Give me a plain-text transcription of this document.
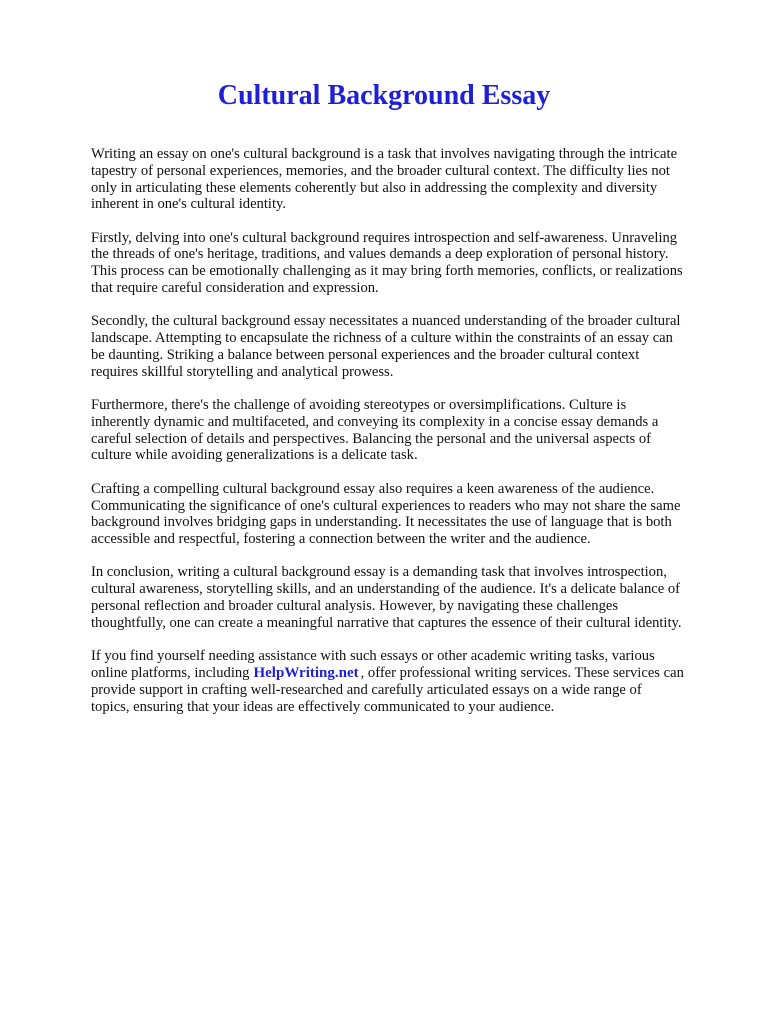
Cultural Background Essay

Writing an essay on one's cultural background is a task that involves navigating through the intricate
tapestry of personal experiences, memories, and the broader cultural context. The difficulty lies not
only in articulating these elements coherently but also in addressing the complexity and diversity
inherent in one's cultural identity.

Firstly, delving into one's cultural background requires introspection and self-awareness. Unraveling
the threads of one's heritage, traditions, and values demands a deep exploration of personal history.
This process can be emotionally challenging as it may bring forth memories, conflicts, or realizations
that require careful consideration and expression.

Secondly, the cultural background essay necessitates a nuanced understanding of the broader cultural
landscape. Attempting to encapsulate the richness of a culture within the constraints of an essay can
be daunting. Striking a balance between personal experiences and the broader cultural context
requires skillful storytelling and analytical prowess.

Furthermore, there's the challenge of avoiding stereotypes or oversimplifications. Culture is
inherently dynamic and multifaceted, and conveying its complexity in a concise essay demands a
careful selection of details and perspectives. Balancing the personal and the universal aspects of
culture while avoiding generalizations is a delicate task.

Crafting a compelling cultural background essay also requires a keen awareness of the audience.
Communicating the significance of one's cultural experiences to readers who may not share the same
background involves bridging gaps in understanding. It necessitates the use of language that is both
accessible and respectful, fostering a connection between the writer and the audience.

In conclusion, writing a cultural background essay is a demanding task that involves introspection,
cultural awareness, storytelling skills, and an understanding of the audience. It's a delicate balance of
personal reflection and broader cultural analysis. However, by navigating these challenges
thoughtfully, one can create a meaningful narrative that captures the essence of their cultural identity.

If you find yourself needing assistance with such essays or other academic writing tasks, various
online platforms, including HelpWriting.net , offer professional writing services. These services can
provide support in crafting well-researched and carefully articulated essays on a wide range of
topics, ensuring that your ideas are effectively communicated to your audience.
